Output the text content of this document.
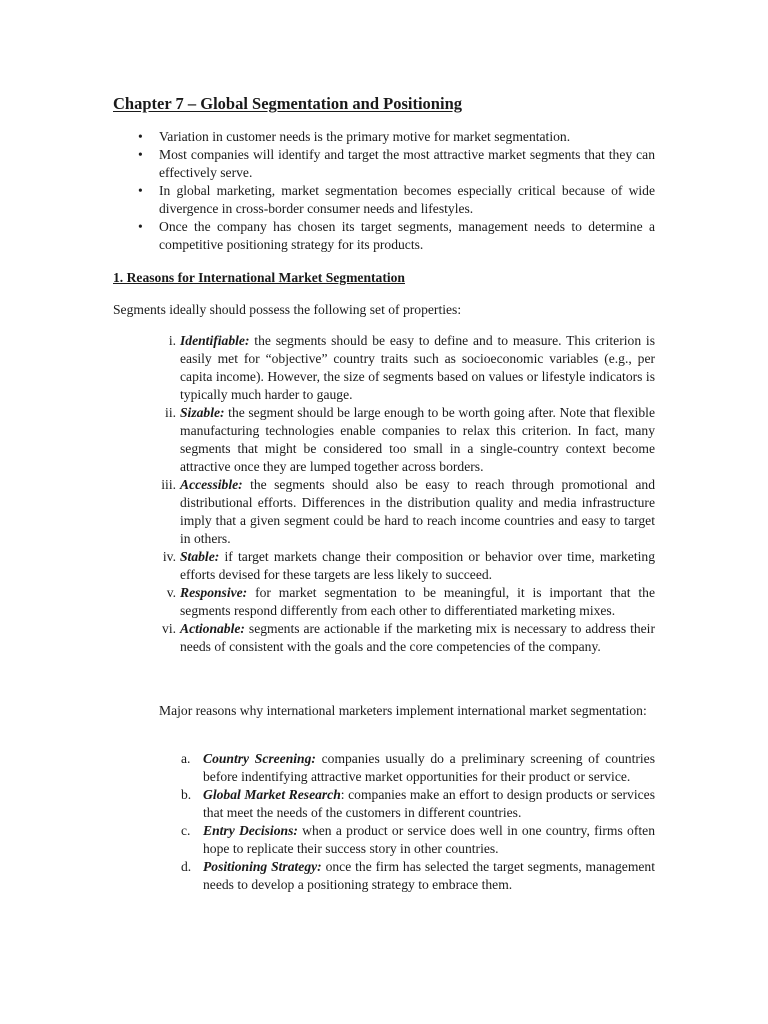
Chapter 7 – Global Segmentation and Positioning
• Variation in customer needs is the primary motive for market segmentation.
• Most companies will identify and target the most attractive market segments that they can effectively serve.
• In global marketing, market segmentation becomes especially critical because of wide divergence in cross-border consumer needs and lifestyles.
• Once the company has chosen its target segments, management needs to determine a competitive positioning strategy for its products.
1. Reasons for International Market Segmentation

Segments ideally should possess the following set of properties:

i. Identifiable: the segments should be easy to define and to measure. This criterion is easily met for “objective” country traits such as socioeconomic variables (e.g., per capita income). However, the size of segments based on values or lifestyle indicators is typically much harder to gauge.
ii. Sizable: the segment should be large enough to be worth going after. Note that flexible manufacturing technologies enable companies to relax this criterion. In fact, many segments that might be considered too small in a single-country context become attractive once they are lumped together across borders.
iii. Accessible: the segments should also be easy to reach through promotional and distributional efforts. Differences in the distribution quality and media infrastructure imply that a given segment could be hard to reach income countries and easy to target in others.
iv. Stable: if target markets change their composition or behavior over time, marketing efforts devised for these targets are less likely to succeed.
v. Responsive: for market segmentation to be meaningful, it is important that the segments respond differently from each other to differentiated marketing mixes.
vi. Actionable: segments are actionable if the marketing mix is necessary to address their needs of consistent with the goals and the core competencies of the company.

Major reasons why international marketers implement international market segmentation:

a. Country Screening: companies usually do a preliminary screening of countries before indentifying attractive market opportunities for their product or service.
b. Global Market Research: companies make an effort to design products or services that meet the needs of the customers in different countries.
c. Entry Decisions: when a product or service does well in one country, firms often hope to replicate their success story in other countries.
d. Positioning Strategy: once the firm has selected the target segments, management needs to develop a positioning strategy to embrace them.
